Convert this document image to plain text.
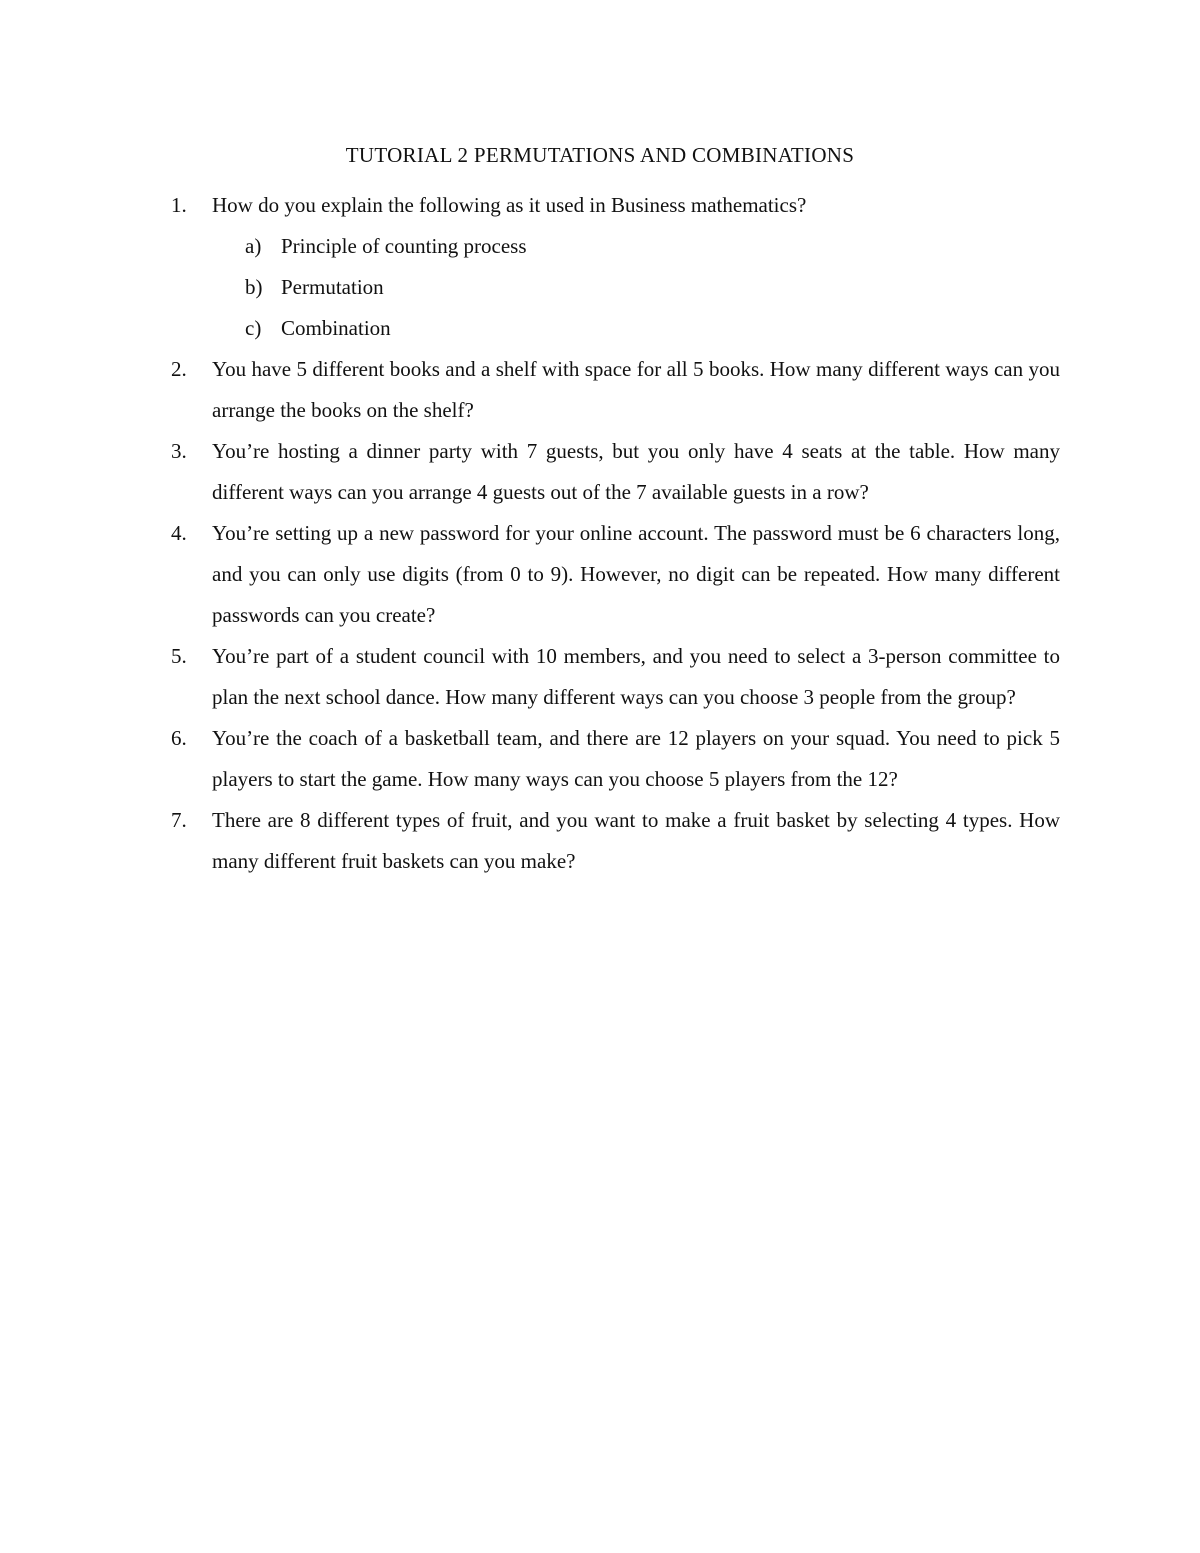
TUTORIAL 2 PERMUTATIONS AND COMBINATIONS
1. How do you explain the following as it used in Business mathematics?
a) Principle of counting process
b) Permutation
c) Combination
2. You have 5 different books and a shelf with space for all 5 books. How many different ways can you arrange the books on the shelf?
3. You’re hosting a dinner party with 7 guests, but you only have 4 seats at the table. How many different ways can you arrange 4 guests out of the 7 available guests in a row?
4. You’re setting up a new password for your online account. The password must be 6 characters long, and you can only use digits (from 0 to 9). However, no digit can be repeated. How many different passwords can you create?
5. You’re part of a student council with 10 members, and you need to select a 3-person committee to plan the next school dance. How many different ways can you choose 3 people from the group?
6. You’re the coach of a basketball team, and there are 12 players on your squad. You need to pick 5 players to start the game. How many ways can you choose 5 players from the 12?
7. There are 8 different types of fruit, and you want to make a fruit basket by selecting 4 types. How many different fruit baskets can you make?
